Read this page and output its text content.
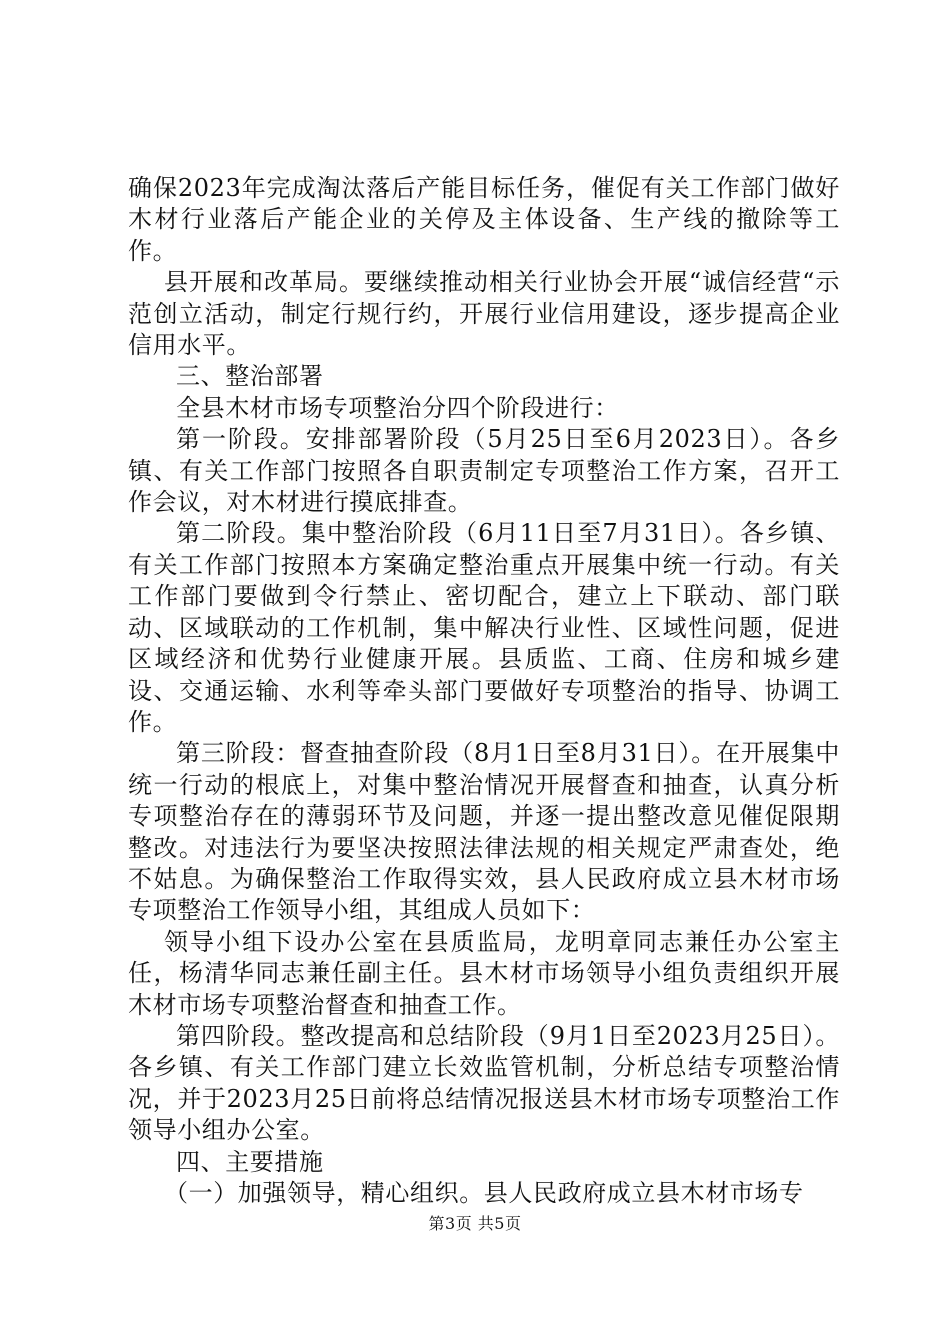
确保2023年完成淘汰落后产能目标任务，催促有关工作部门做好木材行业落后产能企业的关停及主体设备、生产线的撤除等工作。

县开展和改革局。要继续推动相关行业协会开展“诚信经营“示范创立活动，制定行规行约，开展行业信用建设，逐步提高企业信用水平。

三、整治部署

全县木材市场专项整治分四个阶段进行：

第一阶段。安排部署阶段（5月25日至6月2023日）。各乡镇、有关工作部门按照各自职责制定专项整治工作方案，召开工作会议，对木材进行摸底排查。

第二阶段。集中整治阶段（6月11日至7月31日）。各乡镇、有关工作部门按照本方案确定整治重点开展集中统一行动。有关工作部门要做到令行禁止、密切配合，建立上下联动、部门联动、区域联动的工作机制，集中解决行业性、区域性问题，促进区域经济和优势行业健康开展。县质监、工商、住房和城乡建设、交通运输、水利等牵头部门要做好专项整治的指导、协调工作。

第三阶段：督查抽查阶段（8月1日至8月31日）。在开展集中统一行动的根底上，对集中整治情况开展督查和抽查，认真分析专项整治存在的薄弱环节及问题，并逐一提出整改意见催促限期整改。对违法行为要坚决按照法律法规的相关规定严肃查处，绝不姑息。为确保整治工作取得实效，县人民政府成立县木材市场专项整治工作领导小组，其组成人员如下：

领导小组下设办公室在县质监局，龙明章同志兼任办公室主任，杨清华同志兼任副主任。县木材市场领导小组负责组织开展木材市场专项整治督查和抽查工作。

第四阶段。整改提高和总结阶段（9月1日至2023月25日）。各乡镇、有关工作部门建立长效监管机制，分析总结专项整治情况，并于2023月25日前将总结情况报送县木材市场专项整治工作领导小组办公室。

四、主要措施

（一）加强领导，精心组织。县人民政府成立县木材市场专

第3页 共5页
